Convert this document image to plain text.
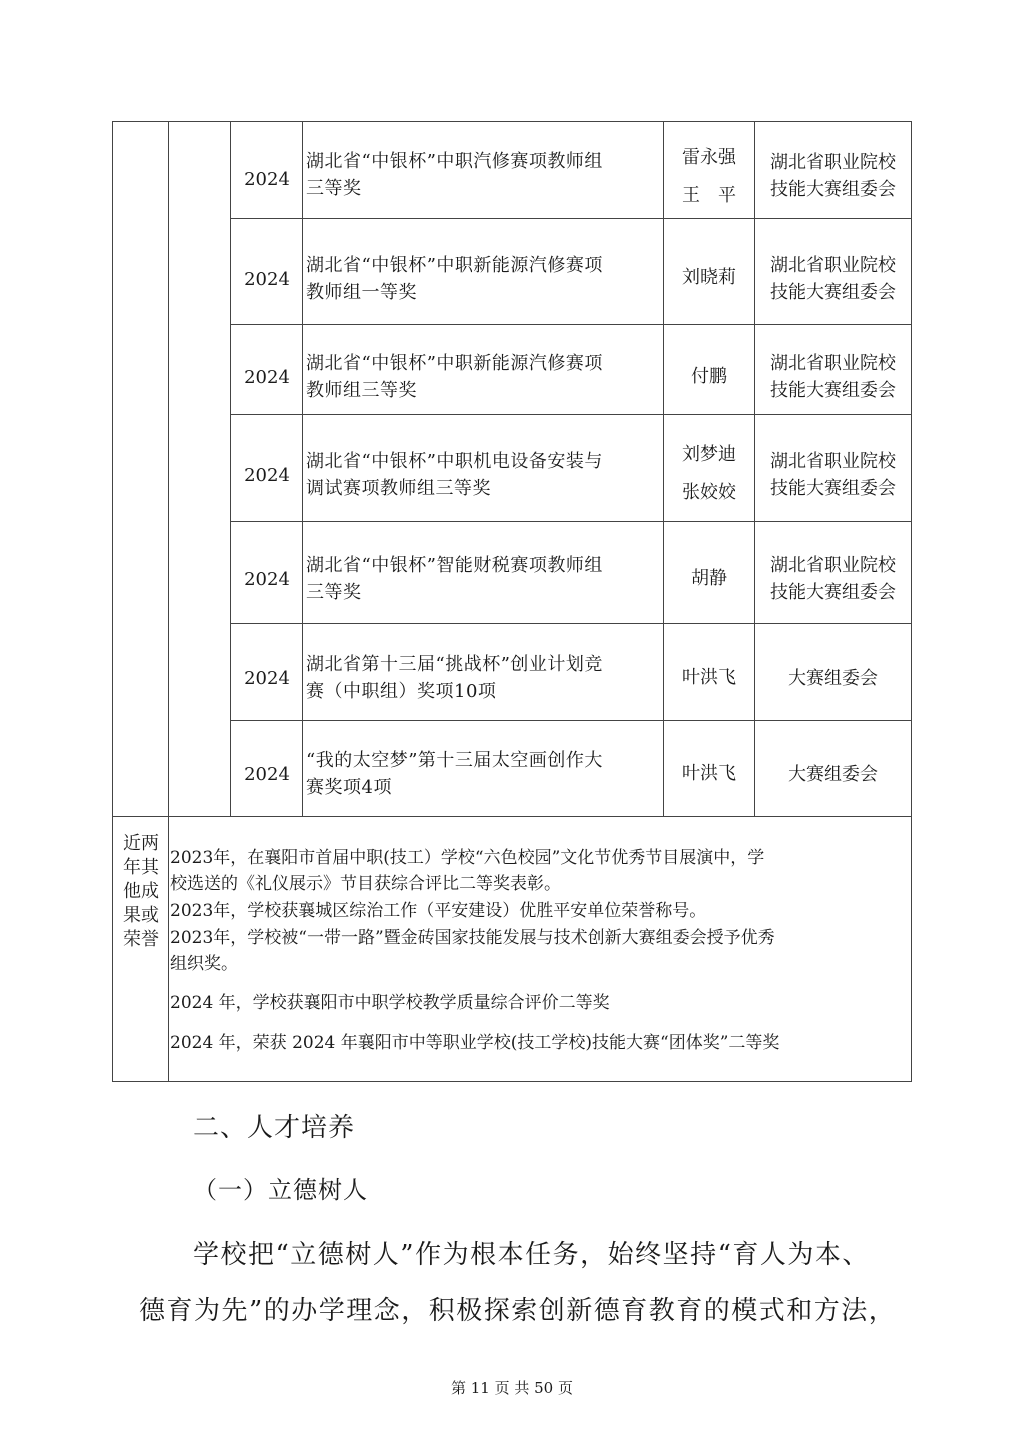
2024
湖北省“中银杯”中职汽修赛项教师组
三等奖
雷永强
王　平
湖北省职业院校
技能大赛组委会
2024
湖北省“中银杯”中职新能源汽修赛项
教师组一等奖
刘晓莉
湖北省职业院校
技能大赛组委会
2024
湖北省“中银杯”中职新能源汽修赛项
教师组三等奖
付鹏
湖北省职业院校
技能大赛组委会
2024
湖北省“中银杯”中职机电设备安装与
调试赛项教师组三等奖
刘梦迪
张姣姣
湖北省职业院校
技能大赛组委会
2024
湖北省“中银杯”智能财税赛项教师组
三等奖
胡静
湖北省职业院校
技能大赛组委会
2024
湖北省第十三届“挑战杯”创业计划竞
赛（中职组）奖项10项
叶洪飞	大赛组委会
2024
“我的太空梦”第十三届太空画创作大
赛奖项4项
叶洪飞	大赛组委会
近两
年其
他成
果或
荣誉
2023年，在襄阳市首届中职(技工）学校“六色校园”文化节优秀节目展演中，学
校选送的《礼仪展示》节目获综合评比二等奖表彰。
2023年，学校获襄城区综治工作（平安建设）优胜平安单位荣誉称号。
2023年，学校被“一带一路”暨金砖国家技能发展与技术创新大赛组委会授予优秀
组织奖。
2024 年，学校获襄阳市中职学校教学质量综合评价二等奖
2024 年，荣获 2024 年襄阳市中等职业学校(技工学校)技能大赛“团体奖”二等奖
二、人才培养
（一）立德树人
学校把“立德树人”作为根本任务，始终坚持“育人为本、
德育为先”的办学理念，积极探索创新德育教育的模式和方法，
第 11 页 共 50 页
